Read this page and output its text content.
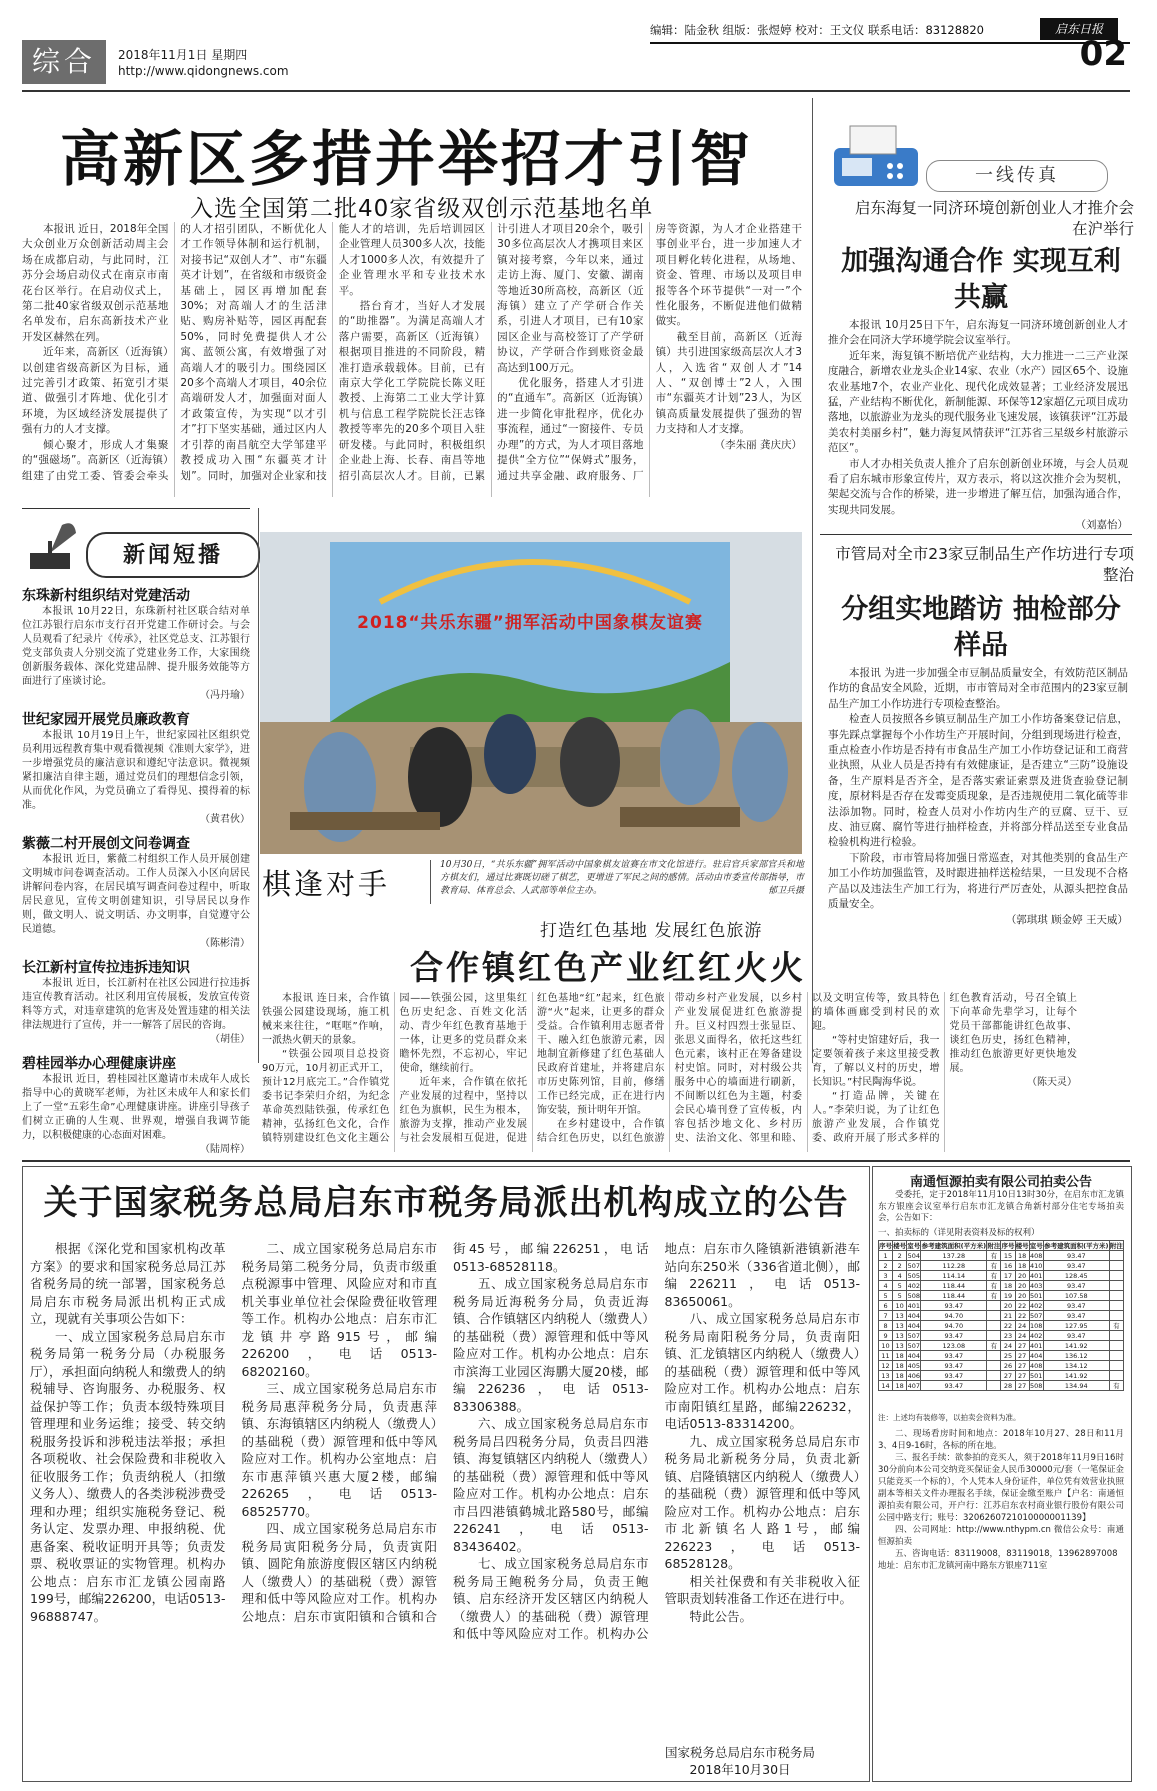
编辑：陆金秋 组版：张煜婷 校对：王文仪 联系电话：83128820	启东日报
综合	2018年11月1日 星期四
http://www.qidongnews.com	02
高新区多措并举招才引智
入选全国第二批40家省级双创示范基地名单

本报讯 近日，2018年全国大众创业万众创新活动周主会场在成都启动，与此同时，江苏分会场启动仪式在南京市南花台区举行。在启动仪式上，第二批40家省级双创示范基地名单发布，启东高新技术产业开发区赫然在列。

近年来，高新区（近海镇）以创建省级高新区为目标，通过完善引才政策、拓宽引才渠道、做强引才阵地、优化引才环境，为区域经济发展提供了强有力的人才支撑。

倾心聚才，形成人才集聚的“强磁场”。高新区（近海镇）组建了由党工委、管委会牵头的人才招引团队，不断优化人才工作领导体制和运行机制，对接书记“双创人才”、市“东疆英才计划”，在省级和市级资金基础上，园区再增加配套30%；对高端人才的生活津贴、购房补贴等，园区再配套50%，同时免费提供人才公寓、蓝领公寓，有效增强了对高端人才的吸引力。围绕园区20多个高端人才项目，40余位高端研发人才，加强面对面人才政策宣传，为实现“以才引才”打下坚实基础，通过区内人才引荐的南昌航空大学邹建平教授成功入围“东疆英才计划”。同时，加强对企业家和技能人才的培训，先后培训园区企业管理人员300多人次，技能人才1000多人次，有效提升了企业管理水平和专业技术水平。

搭台育才，当好人才发展的“助推器”。为满足高端人才落户需要，高新区（近海镇）根据项目推进的不同阶段，精准打造承载载体。目前，已有南京大学化工学院院长陈义旺教授、上海第二工业大学计算机与信息工程学院院长汪志锋教授等率先的20多个项目入驻研发楼。与此同时，积极组织企业赴上海、长春、南昌等地招引高层次人才。目前，已累计引进人才项目20余个，吸引30多位高层次人才携项目来区镇对接考察，今年以来，通过走访上海、厦门、安徽、湖南等地近30所高校，高新区（近海镇）建立了产学研合作关系，引进人才项目，已有10家园区企业与高校签订了产学研协议，产学研合作到账资金最高达到100万元。

优化服务，搭建人才引进的“直通车”。高新区（近海镇）进一步简化审批程序，优化办事流程，通过“一窗接件、专员办理”的方式，为人才项目落地提供“全方位”“保姆式”服务，通过共享金融、政府服务、厂房等资源，为人才企业搭建干事创业平台，进一步加速人才项目孵化转化进程，从场地、资金、管理、市场以及项目申报等各个环节提供“一对一”个性化服务，不断促进他们做精做实。

截至目前，高新区（近海镇）共引进国家级高层次人才3人，入选省“双创人才”14人、“双创博士”2人，入围市“东疆英才计划”23人，为区镇高质量发展提供了强劲的智力支持和人才支撑。

（李朱丽 龚庆庆）

一线传真
启东海复一同济环境创新创业人才推介会在沪举行
加强沟通合作 实现互利共赢

本报讯 10月25日下午，启东海复一同济环境创新创业人才推介会在同济大学环境学院会议室举行。

近年来，海复镇不断培优产业结构，大力推进一二三产业深度融合，新增农业龙头企业14家、农业（水产）园区65个、设施农业基地7个，农业产业化、现代化成效显著；工业经济发展迅猛，产业结构不断优化，新制能源、环保等12家超亿元项目成功落地，以旅游业为龙头的现代服务业飞速发展，该镇获评“江苏最美农村美丽乡村”，魅力海复风情获评“江苏省三星级乡村旅游示范区”。

市人才办相关负责人推介了启东创新创业环境，与会人员观看了启东城市形象宣传片，双方表示，将以这次推介会为契机，架起交流与合作的桥梁，进一步增进了解互信，加强沟通合作，实现共同发展。

（刘嘉怡）

市管局对全市23家豆制品生产作坊进行专项整治
分组实地踏访 抽检部分样品

本报讯 为进一步加强全市豆制品质量安全，有效防范区制品作坊的食品安全风险，近期，市市管局对全市范围内的23家豆制品生产加工小作坊进行专项检查整治。

检查人员按照各乡镇豆制品生产加工小作坊备案登记信息，事先踩点掌握每个小作坊生产开展时间，分组到现场进行检查，重点检查小作坊是否持有市食品生产加工小作坊登记证和工商营业执照，从业人员是否持有有效健康证，是否建立“三防”设施设备，生产原料是否齐全，是否落实索证索票及进货查验登记制度，原材料是否存在发霉变质现象，是否违规使用二氧化硫等非法添加物。同时，检查人员对小作坊内生产的豆腐、豆干、豆皮、油豆腐、腐竹等进行抽样检查，并将部分样品送至专业食品检验机构进行检验。

下阶段，市市管局将加强日常巡查，对其他类别的食品生产加工小作坊加强监管，及时跟进抽样送检结果，一旦发现不合格产品以及违法生产加工行为，将进行严厉查处，从源头把控食品质量安全。

（郭琪琪 顾金婷 王天威）

新闻短播
东珠新村组织结对党建活动

本报讯 10月22日，东珠新村社区联合结对单位江苏银行启东市支行召开党建工作研讨会。与会人员观看了纪录片《传承》，社区党总支、江苏银行党支部负责人分别交流了党建业务工作，大家围绕创新服务载体、深化党建品牌、提升服务效能等方面进行了座谈讨论。

（冯丹瑜）

世纪家园开展党员廉政教育

本报讯 10月19日上午，世纪家园社区组织党员利用远程教育集中观看微视频《准则大家学》，进一步增强党员的廉洁意识和遵纪守法意识。微视频紧扣廉洁自律主题，通过党员们的理想信念引领，从而优化作风，为党员确立了看得见、摸得着的标准。

（黄君伙）

紫薇二村开展创文问卷调查

本报讯 近日，紫薇二村组织工作人员开展创建文明城市问卷调查活动。工作人员深入小区向居民讲解问卷内容，在居民填写调查问卷过程中，听取居民意见，宣传文明创建知识，引导居民以身作则，做文明人、说文明话、办文明事，自觉遵守公民道德。

（陈彬清）

长江新村宣传拉违拆违知识

本报讯 近日，长江新村在社区公园进行拉违拆违宣传教育活动。社区利用宣传展板，发放宣传资料等方式，对违章建筑的危害及处置违建的相关法律法规进行了宣传，并一一解答了居民的咨询。

（胡佳）

碧桂园举办心理健康讲座

本报讯 近日，碧桂园社区邀请市未成年人成长指导中心的黄晓军老师，为社区未成年人和家长们上了一堂“五彩生命”心理健康讲座。讲座引导孩子们树立正确的人生观、世界观，增强自我调节能力，以积极健康的心态面对困难。

（陆周梓）

2018“共乐东疆”拥军活动中国象棋友谊赛
棋逢对手
10月30日，“共乐东疆”拥军活动中国象棋友谊赛在市文化馆进行。驻启官兵家部官兵和地方棋友们，通过比赛既切磋了棋艺，更增进了军民之间的感情。活动由市委宣传部指导，市教育局、体育总会、人武部等单位主办。	郁卫兵摄
打造红色基地 发展红色旅游
合作镇红色产业红红火火

本报讯 连日来，合作镇铁强公园建设现场，施工机械来来往往，“哐哐”作响，一派热火朝天的景象。

“铁强公园项目总投资90万元，10月初正式开工，预计12月底完工。”合作镇党委书记李荣归介绍，为纪念革命英烈陆铁强，传承红色精神，弘扬红色文化，合作镇特别建设红色文化主题公园——铁强公园，这里集红色历史纪念、百姓文化活动、青少年红色教育基地于一体，让更多的党员群众来瞻怀先烈，不忘初心，牢记使命，继续前行。

近年来，合作镇在依托产业发展的过程中，坚持以红色为旗帜，民生为根本，旅游为支撑，推动产业发展与社会发展相互促进，促进红色基地“红”起来，红色旅游“火”起来，让更多的群众受益。合作镇利用志愿者骨干、融入红色旅游元素，因地制宜新修建了红色基础人民政府首建址，并将建启东市历史陈列馆，目前，修缮工作已经完成，正在进行内饰安装，预计明年开馆。

在乡村建设中，合作镇结合红色历史，以红色旅游带动乡村产业发展，以乡村产业发展促进红色旅游提升。巨义村四烈士张显臣、张思义面得名，依托这些红色元素，该村正在筹备建设村史馆。同时，对村级公共服务中心的墙面进行刷新，不间断以红色为主题，村委会民心墙刊登了宣传板，内容包括沙地文化、乡村历史、法治文化、邻里和睦、以及文明宣传等，致具特色的墙体画廊受到村民的欢迎。

“等村史馆建好后，我一定要领着孩子来这里接受教育，了解以义村的历史，增长知识。”村民陶海华说。

“打造品牌，关键在人。”李荣归说，为了让红色旅游产业发展，合作镇党委、政府开展了形式多样的红色教育活动，号召全镇上下向革命先辈学习，让每个党员干部都能讲红色故事、谈红色历史，扬红色精神，推动红色旅游更好更快地发展。

（陈天灵）

关于国家税务总局启东市税务局派出机构成立的公告

根据《深化党和国家机构改革方案》的要求和国家税务总局江苏省税务局的统一部署，国家税务总局启东市税务局派出机构正式成立，现就有关事项公告如下：

一、成立国家税务总局启东市税务局第一税务分局（办税服务厅），承担面向纳税人和缴费人的纳税辅导、咨询服务、办税服务、权益保护等工作；负责本级特殊项目管理理和业务运维；接受、转交纳税服务投诉和涉税违法举报；承担各项税收、社会保险费和非税收入征收服务工作；负责纳税人（扣缴义务人）、缴费人的各类涉税涉费受理和办理；组织实施税务登记、税务认定、发票办理、申报纳税、优惠备案、税收证明开具等；负责发票、税收票证的实物管理。机构办公地点：启东市汇龙镇公园南路199号，邮编226200，电话0513-96888747。

二、成立国家税务总局启东市税务局第二税务分局，负责市级重点税源事中管理、风险应对和市直机关事业单位社会保险费征收管理等工作。机构办公地点：启东市汇龙镇井亭路915号，邮编226200，电话0513-68202160。

三、成立国家税务总局启东市税务局惠萍税务分局，负责惠萍镇、东海镇辖区内纳税人（缴费人）的基础税（费）源管理和低中等风险应对工作。机构办公室地点：启东市惠萍镇兴惠大厦2楼，邮编226265，电话0513-68525770。

四、成立国家税务总局启东市税务局寅阳税务分局，负责寅阳镇、圆陀角旅游度假区辖区内纳税人（缴费人）的基础税（费）源管理和低中等风险应对工作。机构办公地点：启东市寅阳镇和合镇和合街45号，邮编226251，电话0513-68528118。

五、成立国家税务总局启东市税务局近海税务分局，负责近海镇、合作镇辖区内纳税人（缴费人）的基础税（费）源管理和低中等风险应对工作。机构办公地点：启东市滨海工业园区海鹏大厦20楼，邮编226236，电话0513-83306388。

六、成立国家税务总局启东市税务局吕四税务分局，负责吕四港镇、海复镇辖区内纳税人（缴费人）的基础税（费）源管理和低中等风险应对工作。机构办公地点：启东市吕四港镇鹤城北路580号，邮编226241，电话0513-83436402。

七、成立国家税务总局启东市税务局王鲍税务分局，负责王鲍镇、启东经济开发区辖区内纳税人（缴费人）的基础税（费）源管理和低中等风险应对工作。机构办公地点：启东市久隆镇新港镇新港车站向东250米（336省道北侧），邮编226211，电话0513-83650061。

八、成立国家税务总局启东市税务局南阳税务分局，负责南阳镇、汇龙镇辖区内纳税人（缴费人）的基础税（费）源管理和低中等风险应对工作。机构办公地点：启东市南阳镇红星路，邮编226232，电话0513-83314200。

九、成立国家税务总局启东市税务局北新税务分局，负责北新镇、启隆镇辖区内纳税人（缴费人）的基础税（费）源管理和低中等风险应对工作。机构办公地点：启东市北新镇名人路1号，邮编226223，电话0513-68528128。

相关社保费和有关非税收入征管职责划转准备工作还在进行中。

特此公告。

国家税务总局启东市税务局
2018年10月30日
南通恒源拍卖有限公司拍卖公告

受委托，定于2018年11月10日13时30分，在启东市汇龙镇东方银座会议室举行启东市汇龙镇合角新村部分住宅专场拍卖会，公告如下：

一、拍卖标的（详见附表资料及标的权利）
序号	楼号	室号	参考建筑面积(平方米)	附注	序号	楼号	室号	参考建筑面积(平方米)	附注
1	2	504	137.28	有	15	18	408	93.47	
2	2	507	112.28	有	16	18	410	93.47	
3	4	505	114.14	有	17	20	401	128.45	
4	5	402	118.44	有	18	20	403	93.47	
5	5	508	118.44	有	19	20	501	107.58	
6	10	401	93.47		20	22	402	93.47	
7	13	404	94.70		21	22	507	93.47	
8	13	404	94.70		22	24	108	127.95	有
9	13	507	93.47		23	24	402	93.47	
10	13	507	123.08	有	24	27	401	141.92	
11	18	404	93.47		25	27	404	136.12	
12	18	405	93.47		26	27	408	134.12	
13	18	406	93.47		27	27	501	141.92	
14	18	407	93.47		28	27	508	134.94	有
注：上述均有装修等，以拍卖会资料为准。

二、现场看房时间和地点：2018年10月27、28日和11月3、4日9-16时，各标的所在地。

三、报名手续：欲参拍的竞买人，须于2018年11月9日16时30分前向本公司交纳竞买保证金人民币30000元/套（一笔保证金只能竞买一个标的），个人凭本人身份证件，单位凭有效营业执照副本等相关文件办理报名手续，保证金缴至账户【户名：南通恒源拍卖有限公司，开户行：江苏启东农村商业银行股份有限公司公园中路支行；账号：3206260721010000001139】

四、公司网址：http://www.nthypm.cn 微信公众号：南通恒源拍卖

五、咨询电话：83119008，83119018，13962897008

地址：启东市汇龙镇河南中路东方银座711室
